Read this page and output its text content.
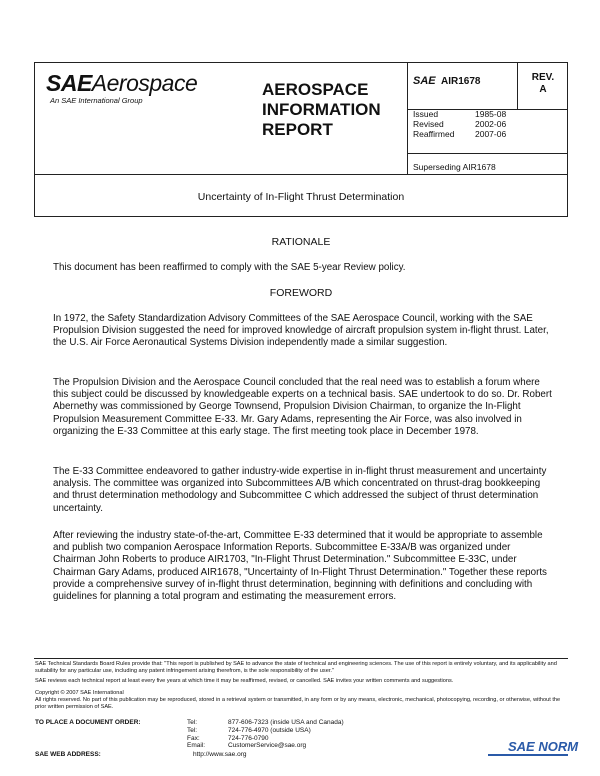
SAEAerospace
An SAE International Group
AEROSPACE
INFORMATION
REPORT
SAE AIR1678	REV.
A
Issued	1985-08
Revised	2002-06
Reaffirmed 2007-06
Superseding AIR1678
Uncertainty of In-Flight Thrust Determination
RATIONALE
This document has been reaffirmed to comply with the SAE 5-year Review policy.
FOREWORD
In 1972, the Safety Standardization Advisory Committees of the SAE Aerospace Council, working with the SAE Propulsion Division suggested the need for improved knowledge of aircraft propulsion system in-flight thrust. Later, the U.S. Air Force Aeronautical Systems Division independently made a similar suggestion.
The Propulsion Division and the Aerospace Council concluded that the real need was to establish a forum where this subject could be discussed by knowledgeable experts on a technical basis. SAE undertook to do so. Dr. Robert Abernethy was commissioned by George Townsend, Propulsion Division Chairman, to organize the In-Flight Propulsion Measurement Committee E-33. Mr. Gary Adams, representing the Air Force, was also involved in organizing the E-33 Committee at this early stage. The first meeting took place in December 1978.
The E-33 Committee endeavored to gather industry-wide expertise in in-flight thrust measurement and uncertainty analysis. The committee was organized into Subcommittees A/B which concentrated on thrust-drag bookkeeping and thrust determination methodology and Subcommittee C which addressed the subject of thrust determination uncertainty.
After reviewing the industry state-of-the-art, Committee E-33 determined that it would be appropriate to assemble and publish two companion Aerospace Information Reports. Subcommittee E-33A/B was organized under Chairman John Roberts to produce AIR1703, "In-Flight Thrust Determination." Subcommittee E-33C, under Chairman Gary Adams, produced AIR1678, "Uncertainty of In-Flight Thrust Determination." Together these reports provide a comprehensive survey of in-flight thrust determination, beginning with definitions and concluding with guidelines for planning a total program and estimating the measurement errors.
SAE Technical Standards Board Rules provide that: "This report is published by SAE to advance the state of technical and engineering sciences. The use of this report is entirely voluntary, and its applicability and suitability for any particular use, including any patent infringement arising therefrom, is the sole responsibility of the user."
SAE reviews each technical report at least every five years at which time it may be reaffirmed, revised, or cancelled. SAE invites your written comments and suggestions.
Copyright © 2007 SAE International
All rights reserved. No part of this publication may be reproduced, stored in a retrieval system or transmitted, in any form or by any means, electronic, mechanical, photocopying, recording, or otherwise, without the prior written permission of SAE.
TO PLACE A DOCUMENT ORDER:	Tel:	877-606-7323 (inside USA and Canada)
Tel:	724-776-4970 (outside USA)
Fax:	724-776-0790
Email:	CustomerService@sae.org
SAE WEB ADDRESS:	http://www.sae.org
SAE NORM
